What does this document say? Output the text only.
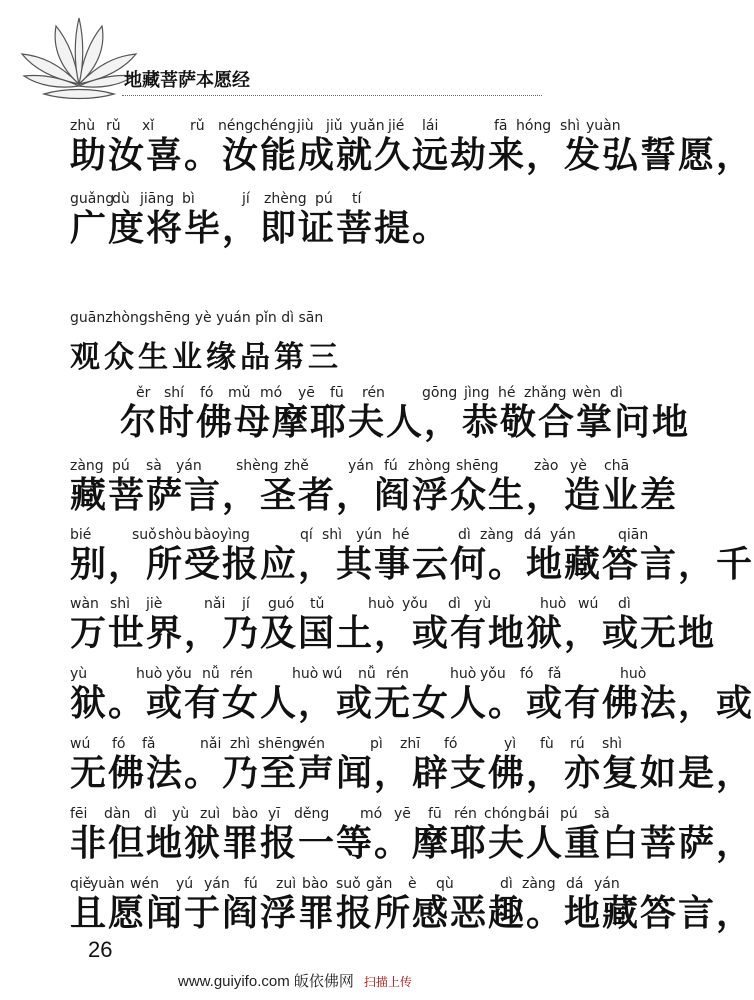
地藏菩萨本愿经
zhù rǔ xǐ	rǔ néng chéng jiù jiǔ yuǎn jié lái	fā hóng shì yuàn
助汝喜。汝能成就久远劫来，发弘誓愿，
guǎng
dù jiāng bì	jí zhèng pú tí
广度将毕，即证菩提。
guānzhòngshēng yè yuán pǐn dì sān
观众生业缘品第三
ěr shí fó mǔ mó yē fū rén	gōng jìng hé zhǎng wèn dì
尔时佛母摩耶夫人，恭敬合掌问地
zàng pú sà yán shèng zhě	yán fú zhòng shēng	zào yè chā
藏菩萨言，圣者，阎浮众生，造业差
bié	suǒ shòu bào yìng	qí shì yún hé	dì zàng dá yán	qiān
别，所受报应，其事云何。地藏答言，千
wàn shì jiè	nǎi jí guó tǔ	huò yǒu dì yù	huò wú dì
万世界，乃及国土，或有地狱，或无地
yù	huò yǒu nǚ rén	huò wú nǚ rén	huò yǒu fó fǎ	huò
狱。或有女人，或无女人。或有佛法，或
wú fó fǎ	nǎi zhì shēng
wén	pì zhī fó	yì fù rú shì
无佛法。乃至声闻，辟支佛，亦复如是，
fēi dàn dì yù zuì bào yī děng mó yē fū rén chóng bái pú sà
非但地狱罪报一等。摩耶夫人重白菩萨，
qiě
yuàn wén yú yán fú zuì bào suǒ gǎn è qù	dì zàng dá yán
且愿闻于阎浮罪报所感恶趣。地藏答言，
26
www.guiyifo.com 皈依佛网 扫描上传
